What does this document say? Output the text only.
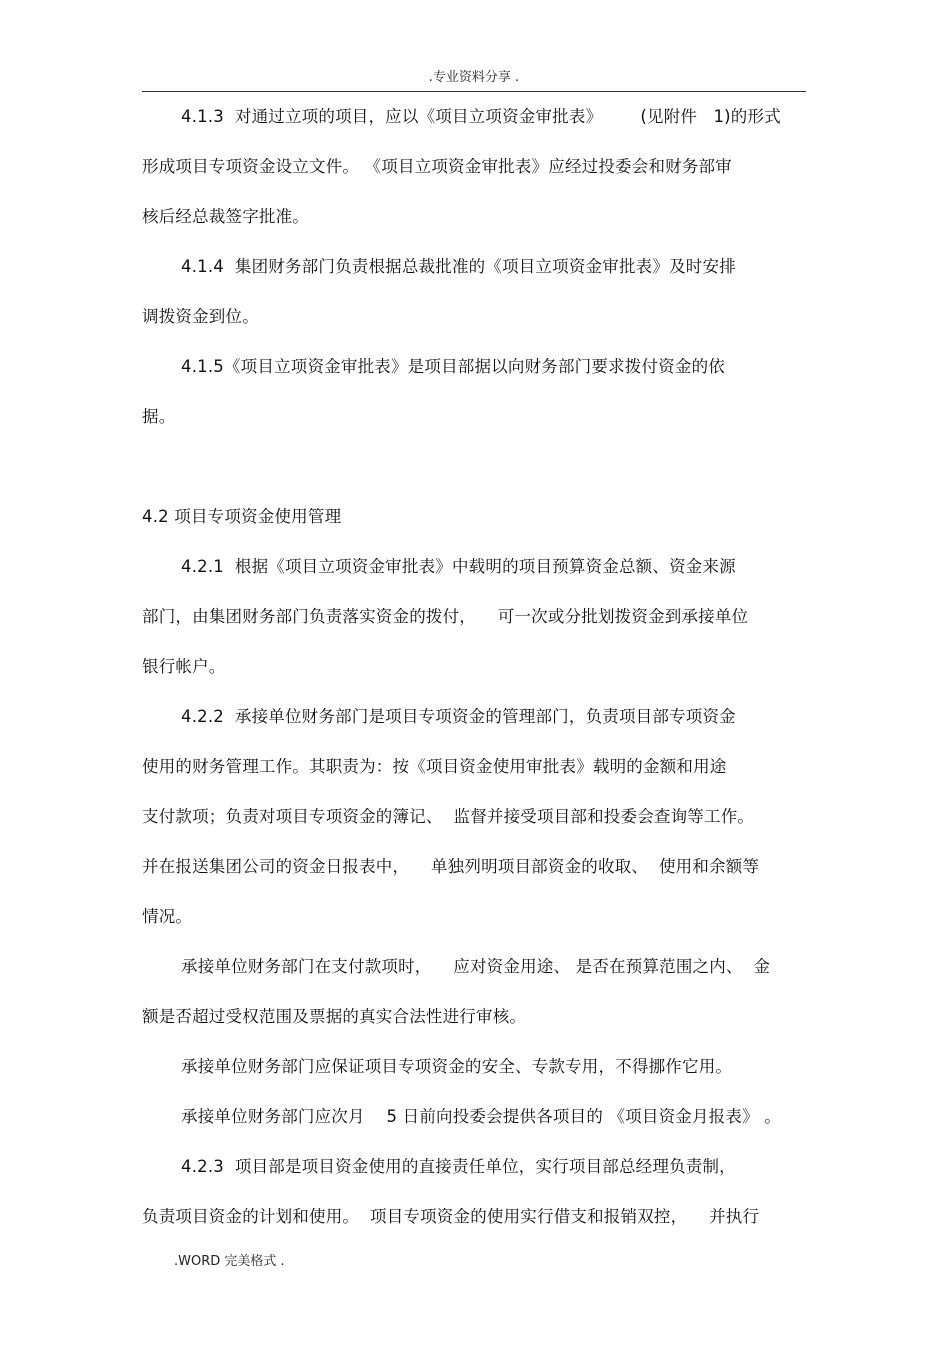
.专业资料分享 .
4.1.3  对通过立项的项目，应以《项目立项资金审批表》       (见附件   1)的形式
形成项目专项资金设立文件。 《项目立项资金审批表》应经过投委会和财务部审
核后经总裁签字批准。
4.1.4  集团财务部门负责根据总裁批准的《项目立项资金审批表》及时安排
调拨资金到位。
4.1.5《项目立项资金审批表》是项目部据以向财务部门要求拨付资金的依
据。
4.2 项目专项资金使用管理
4.2.1  根据《项目立项资金审批表》中载明的项目预算资金总额、资金来源
部门，由集团财务部门负责落实资金的拨付，    可一次或分批划拨资金到承接单位
银行帐户。
4.2.2  承接单位财务部门是项目专项资金的管理部门，负责项目部专项资金
使用的财务管理工作。其职责为：按《项目资金使用审批表》载明的金额和用途
支付款项；负责对项目专项资金的簿记、  监督并接受项目部和投委会查询等工作。
并在报送集团公司的资金日报表中，    单独列明项目部资金的收取、  使用和余额等
情况。
承接单位财务部门在支付款项时，    应对资金用途、 是否在预算范围之内、  金
额是否超过受权范围及票据的真实合法性进行审核。
承接单位财务部门应保证项目专项资金的安全、专款专用，不得挪作它用。
承接单位财务部门应次月    5 日前向投委会提供各项目的 《项目资金月报表》 。
4.2.3  项目部是项目资金使用的直接责任单位，实行项目部总经理负责制，
负责项目资金的计划和使用。  项目专项资金的使用实行借支和报销双控，    并执行
.WORD 完美格式 .
